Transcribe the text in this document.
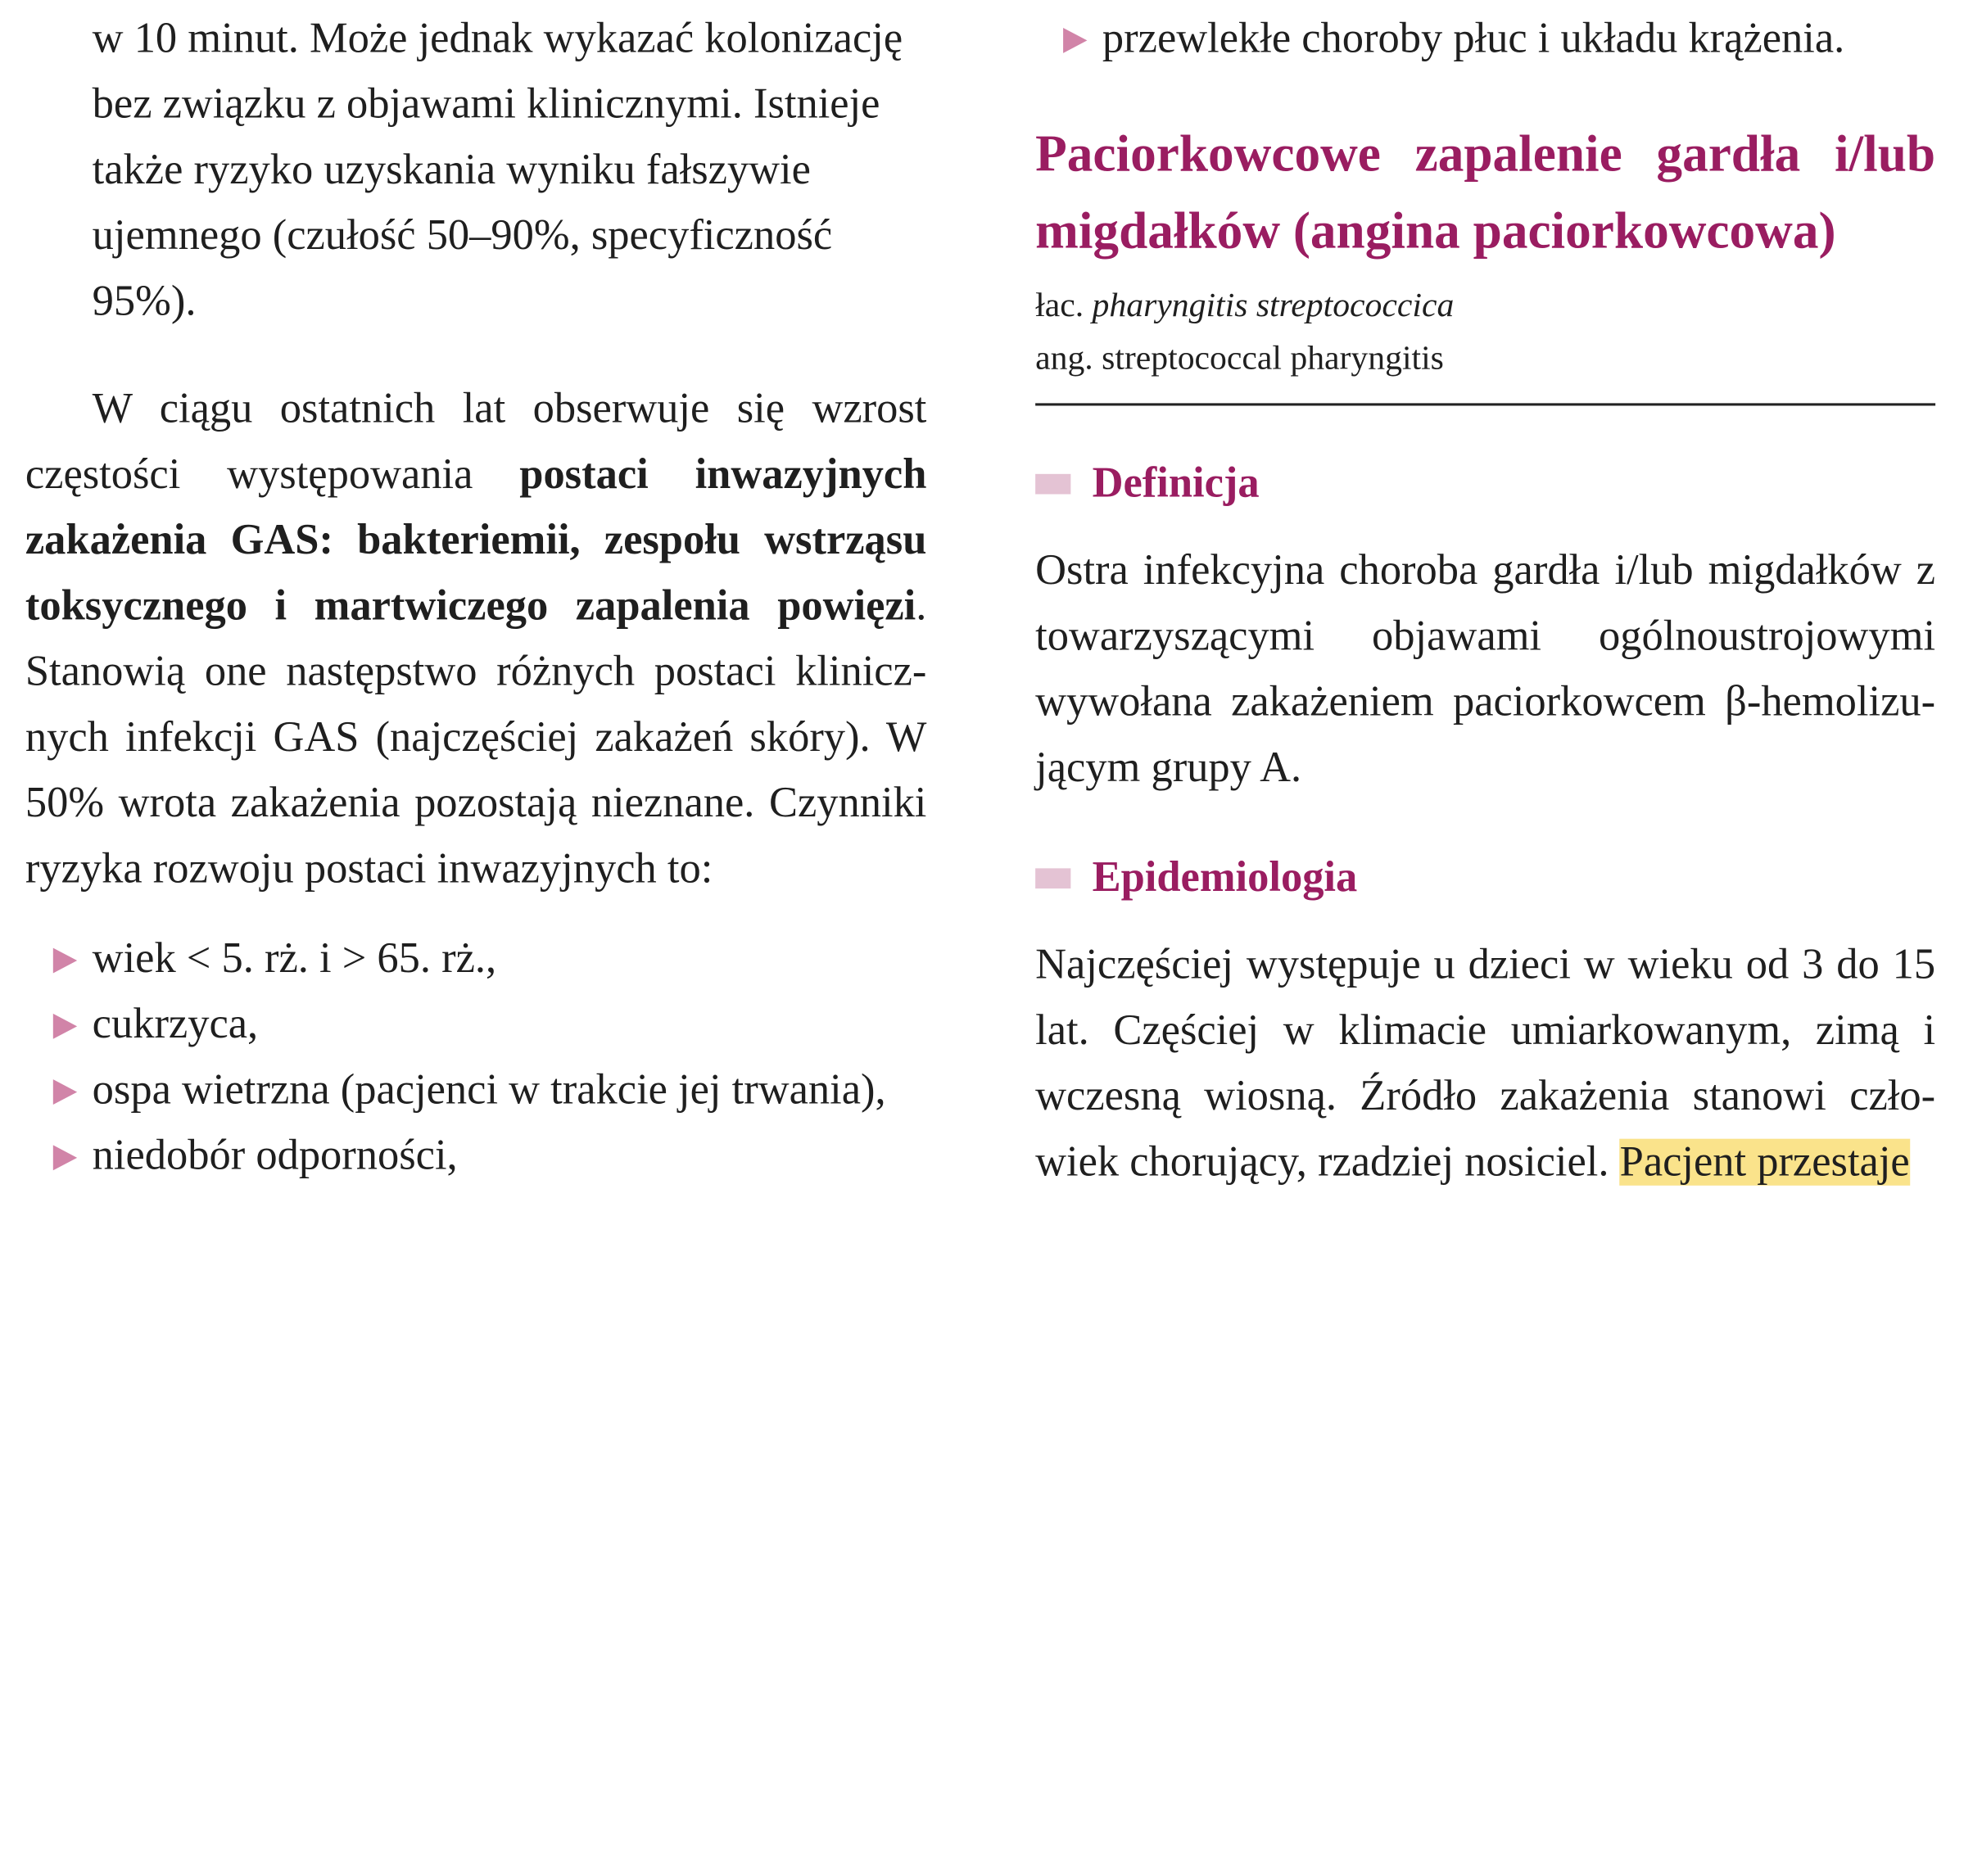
w 10 minut. Może jednak wykazać kolonizację bez związku z objawami klinicznymi. Istnieje także ryzyko uzyskania wyniku fałszywie ujemnego (czułość 50–90%, specyficzność 95%).

W ciągu ostatnich lat obserwuje się wzrost częstości występowania postaci inwazyjnych zakażenia GAS: bakteriemii, zespołu wstrząsu toksycznego i martwiczego zapalenia powięzi. Stanowią one następstwo różnych postaci klinicznych infekcji GAS (najczęściej zakażeń skóry). W 50% wrota zakażenia pozostają nieznane. Czynniki ryzyka rozwoju postaci inwazyjnych to:

wiek < 5. rż. i > 65. rż.,
cukrzyca,
ospa wietrzna (pacjenci w trakcie jej trwania),
niedobór odporności,
przewlekłe choroby płuc i układu krążenia.
Paciorkowcowe zapalenie gardła i/lub migdałków (angina paciorkowcowa)

łac. pharyngitis streptococcica

ang. streptococcal pharyngitis

Definicja

Ostra infekcyjna choroba gardła i/lub migdałków z towarzyszącymi objawami ogólnoustrojowymi wywołana zakażeniem paciorkowcem β-hemolizującym grupy A.

Epidemiologia

Najczęściej występuje u dzieci w wieku od 3 do 15 lat. Częściej w klimacie umiarkowanym, zimą i wczesną wiosną. Źródło zakażenia stanowi człowiek chorujący, rzadziej nosiciel. Pacjent przestaje
